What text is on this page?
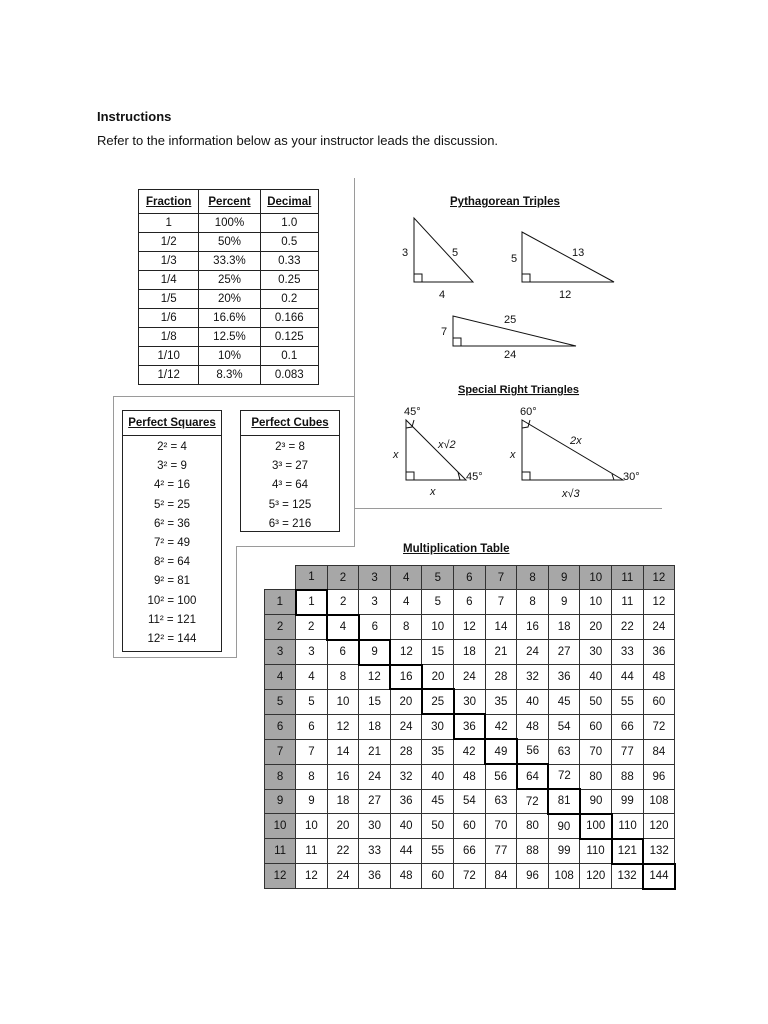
Instructions
Refer to the information below as your instructor leads the discussion.
Fraction	Percent	Decimal
1	100%	1.0
1/2	50%	0.5
1/3	33.3%	0.33
1/4	25%	0.25
1/5	20%	0.2
1/6	16.6%	0.166
1/8	12.5%	0.125
1/10	10%	0.1
1/12	8.3%	0.083
Perfect Squares
2² = 4
3² = 9
4² = 16
5² = 25
6² = 36
7² = 49
8² = 64
9² = 81
10² = 100
11² = 121
12² = 144
Perfect Cubes
2³ = 8
3³ = 27
4³ = 64
5³ = 125
6³ = 216
Pythagorean Triples
3	5
4
5	13
12
7
25
24
Special Right Triangles
45°
x
x√2
45°
x
60°
x
2x
30°
x√3
Multiplication Table
	1	2	3	4	5	6	7	8	9	10	11	12
1	1	2	3	4	5	6	7	8	9	10	11	12
2	2	4	6	8	10	12	14	16	18	20	22	24
3	3	6	9	12	15	18	21	24	27	30	33	36
4	4	8	12	16	20	24	28	32	36	40	44	48
5	5	10	15	20	25	30	35	40	45	50	55	60
6	6	12	18	24	30	36	42	48	54	60	66	72
7	7	14	21	28	35	42	49	56	63	70	77	84
8	8	16	24	32	40	48	56	64	72	80	88	96
9	9	18	27	36	45	54	63	72	81	90	99	108
10	10	20	30	40	50	60	70	80	90	100	110	120
11	11	22	33	44	55	66	77	88	99	110	121	132
12	12	24	36	48	60	72	84	96	108	120	132	144
